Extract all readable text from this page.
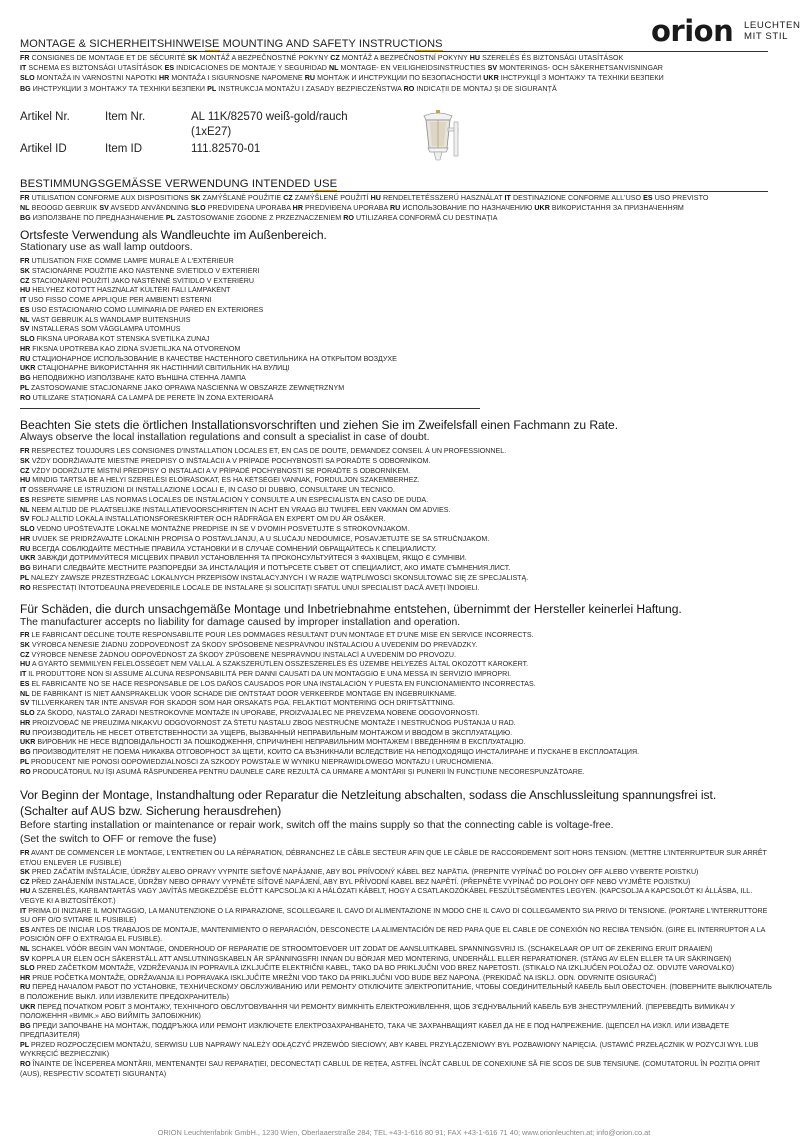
orion LEUCHTEN
MIT STIL
MONTAGE & SICHERHEITSHINWEISE MOUNTING AND SAFETY INSTRUCTIONS
FR CONSIGNES DE MONTAGE ET DE SÉCURITÉ SK MONTÁŽ A BEZPEČNOSTNÉ POKYNY CZ MONTÁŽ A BEZPEČNOSTNÍ POKYNY HU SZERELÉS ÉS BIZTONSÁGI UTASÍTÁSOK
IT SCHEMA ES BIZTONSÁGI UTASÍTÁSOK ES INDICACIONES DE MONTAJE Y SEGURIDAD NL MONTAGE- EN VEILIGHEIDSINSTRUCTIES SV MONTERINGS- OCH SÄKERHETSANVISNINGAR
SLO MONTAŽA IN VARNOSTNI NAPOTKI HR MONTAŽA I SIGURNOSNE NAPOMENE RU МОНТАЖ И ИНСТРУКЦИИ ПО БЕЗОПАСНОСТИ UKR ІНСТРУКЦІЇ З МОНТАЖУ ТА ТЕХНІКИ БЕЗПЕКИ
BG ИНСТРУКЦИИ З МОНТАЖУ ТА ТЕХНІКИ БЕЗПЕКИ PL INSTRUKCJA MONTAŻU I ZASADY BEZPIECZEŃSTWA RO INDICAȚII DE MONTAJ ȘI DE SIGURANȚĂ
Artikel Nr.	Item Nr.	AL 11K/82570 weiß-gold/rauch
(1xE27)
Artikel ID	Item ID	111.82570-01
BESTIMMUNGSGEMÄSSE VERWENDUNG INTENDED USE
FR UTILISATION CONFORME AUX DISPOSITIONS SK ZAMÝŠĽANÉ POUŽITIE CZ ZAMÝŠLENÉ POUŽITÍ HU RENDELTETÉSSZERŰ HASZNÁLAT IT DESTINAZIONE CONFORME ALL'USO ES USO PREVISTO
NL BEOOGD GEBRUIK SV AVSEDD ANVÄNDNING SLO PREDVIDENA UPORABA HR PREDVIĐENA UPORABA RU ИСПОЛЬЗОВАНИЕ ПО НАЗНАЧЕНИЮ UKR ВИКОРИСТАННЯ ЗА ПРИЗНАЧЕННЯМ
BG ИЗПОЛЗВАНЕ ПО ПРЕДНАЗНАЧЕНИЕ PL ZASTOSOWANIE ZGODNE Z PRZEZNACZENIEM RO UTILIZAREA CONFORMĂ CU DESTINAȚIA
Ortsfeste Verwendung als Wandleuchte im Außenbereich.
Stationary use as wall lamp outdoors.
FR UTILISATION FIXE COMME LAMPE MURALE À L'EXTÉRIEUR
SK STACIONÁRNE POUŽITIE AKO NÁSTENNÉ SVIETIDLO V EXTERIÉRI
CZ STACIONÁRNÍ POUŽITÍ JAKO NÁSTĚNNÉ SVÍTIDLO V EXTERIÉRU
HU HELYHEZ KÖTÖTT HASZNÁLAT KÜLTÉRI FALI LÁMPAKÉNT
IT USO FISSO COME APPLIQUE PER AMBIENTI ESTERNI
ES USO ESTACIONARIO COMO LUMINARIA DE PARED EN EXTERIORES
NL VAST GEBRUIK ALS WANDLAMP BUITENSHUIS
SV INSTALLERAS SOM VÄGGLAMPA UTOMHUS
SLO FIKSNA UPORABA KOT STENSKA SVETILKA ZUNAJ
HR FIKSNA UPOTREBA KAO ZIDNA SVJETILJKA NA OTVORENOM
RU СТАЦИОНАРНОЕ ИСПОЛЬЗОВАНИЕ В КАЧЕСТВЕ НАСТЕННОГО СВЕТИЛЬНИКА НА ОТКРЫТОМ ВОЗДУХЕ
UKR СТАЦІОНАРНЕ ВИКОРИСТАННЯ ЯК НАСТІННИЙ СВІТИЛЬНИК НА ВУЛИЦІ
BG НЕПОДВИЖНО ИЗПОЛЗВАНЕ КАТО ВЪНШНА СТЕННА ЛАМПА
PL ZASTOSOWANIE STACJONARNE JAKO OPRAWA NAŚCIENNA W OBSZARZE ZEWNĘTRZNYM
RO UTILIZARE STAȚIONARĂ CA LAMPĂ DE PERETE ÎN ZONA EXTERIOARĂ
Beachten Sie stets die örtlichen Installationsvorschriften und ziehen Sie im Zweifelsfall einen Fachmann zu Rate.
Always observe the local installation regulations and consult a specialist in case of doubt.
FR RESPECTEZ TOUJOURS LES CONSIGNES D'INSTALLATION LOCALES ET, EN CAS DE DOUTE, DEMANDEZ CONSEIL À UN PROFESSIONNEL.
SK VŽDY DODRŽIAVAJTE MIESTNE PREDPISY O INŠTALÁCII A V PRÍPADE POCHYBNOSTÍ SA PORAĎTE S ODBORNÍKOM.
CZ VŽDY DODRŽUJTE MÍSTNÍ PŘEDPISY O INSTALACI A V PŘÍPADĚ POCHYBNOSTÍ SE PORAĎTE S ODBORNÍKEM.
HU MINDIG TARTSA BE A HELYI SZERELÉSI ELŐÍRÁSOKAT, ÉS HA KÉTSÉGEI VANNAK, FORDULJON SZAKEMBERHEZ.
IT OSSERVARE LE ISTRUZIONI DI INSTALLAZIONE LOCALI E, IN CASO DI DUBBIO, CONSULTARE UN TECNICO.
ES RESPETE SIEMPRE LAS NORMAS LOCALES DE INSTALACIÓN Y CONSULTE A UN ESPECIALISTA EN CASO DE DUDA.
NL NEEM ALTIJD DE PLAATSELIJKE INSTALLATIEVOORSCHRIFTEN IN ACHT EN VRAAG BIJ TWIJFEL EEN VAKMAN OM ADVIES.
SV FÖLJ ALLTID LOKALA INSTALLATIONSFÖRESKRIFTER OCH RÅDFRÅGA EN EXPERT OM DU ÄR OSÄKER.
SLO VEDNO UPOŠTEVAJTE LOKALNE MONTAŽNE PREDPISE IN SE V DVOMIH POSVETUJTE S STROKOVNJAKOM.
HR UVIJEK SE PRIDRŽAVAJTE LOKALNIH PROPISA O POSTAVLJANJU, A U SLUČAJU NEDOUMICE, POSAVJETUJTE SE SA STRUČNJAKOM.
RU ВСЕГДА СОБЛЮДАЙТЕ МЕСТНЫЕ ПРАВИЛА УСТАНОВКИ И В СЛУЧАЕ СОМНЕНИЙ ОБРАЩАЙТЕСЬ К СПЕЦИАЛИСТУ.
UKR ЗАВЖДИ ДОТРИМУЙТЕСЯ МІСЦЕВИХ ПРАВИЛ УСТАНОВЛЕННЯ ТА ПРОКОНСУЛЬТУЙТЕСЯ З ФАХІВЦЕМ, ЯКЩО Є СУМНІВИ.
BG ВИНАГИ СЛЕДВАЙТЕ МЕСТНИТЕ РАЗПОРЕДБИ ЗА ИНСТАЛАЦИЯ И ПОТЪРСЕТЕ СЪВЕТ ОТ СПЕЦИАЛИСТ, АКО ИМАТЕ СЪМНЕНИЯ.ЛИСТ.
PL NALEŻY ZAWSZE PRZESTRZEGAĆ LOKALNYCH PRZEPISÓW INSTALACYJNYCH I W RAZIE WĄTPLIWOŚCI SKONSULTOWAĆ SIĘ ZE SPECJALISTĄ.
RO RESPECTAȚI ÎNTOTDEAUNA PREVEDERILE LOCALE DE INSTALARE ȘI SOLICITAȚI SFATUL UNUI SPECIALIST DACĂ AVEȚI ÎNDOIELI.
Für Schäden, die durch unsachgemäße Montage und Inbetriebnahme entstehen, übernimmt der Hersteller keinerlei Haftung.
The manufacturer accepts no liability for damage caused by improper installation and operation.
FR LE FABRICANT DÉCLINE TOUTE RESPONSABILITÉ POUR LES DOMMAGES RÉSULTANT D'UN MONTAGE ET D'UNE MISE EN SERVICE INCORRECTS.
SK VÝROBCA NENESIE ŽIADNU ZODPOVEDNOSŤ ZA ŠKODY SPÔSOBENÉ NESPRÁVNOU INŠTALÁCIOU A UVEDENÍM DO PREVÁDZKY.
CZ VÝROBCE NENESE ŽÁDNOU ODPOVĚDNOST ZA ŠKODY ZPŮSOBENÉ NESPRÁVNOU INSTALACÍ A UVEDENÍM DO PROVOZU.
HU A GYÁRTÓ SEMMILYEN FELELŐSSÉGET NEM VÁLLAL A SZAKSZERŰTLEN ÖSSZESZERELÉS ÉS ÜZEMBE HELYEZÉS ÁLTAL OKOZOTT KÁROKÉRT.
IT IL PRODUTTORE NON SI ASSUME ALCUNA RESPONSABILITÀ PER DANNI CAUSATI DA UN MONTAGGIO E UNA MESSA IN SERVIZIO IMPROPRI.
ES EL FABRICANTE NO SE HACE RESPONSABLE DE LOS DAÑOS CAUSADOS POR UNA INSTALACIÓN Y PUESTA EN FUNCIONAMIENTO INCORRECTAS.
NL DE FABRIKANT IS NIET AANSPRAKELIJK VOOR SCHADE DIE ONTSTAAT DOOR VERKEERDE MONTAGE EN INGEBRUIKNAME.
SV TILLVERKAREN TAR INTE ANSVAR FÖR SKADOR SOM HAR ORSAKATS PGA. FELAKTIGT MONTERING OCH DRIFTSÄTTNING.
SLO ZA ŠKODO, NASTALO ZARADI NESTROKOVNE MONTAŽE IN UPORABE, PROIZVAJALEC NE PREVZEMA NOBENE ODGOVORNOSTI.
HR PROIZVOĐAČ NE PREUZIMA NIKAKVU ODGOVORNOST ZA ŠTETU NASTALU ZBOG NESTRUČNE MONTAŽE I NESTRUČNOG PUŠTANJA U RAD.
RU ПРОИЗВОДИТЕЛЬ НЕ НЕСЕТ ОТВЕТСТВЕННОСТИ ЗА УЩЕРБ, ВЫЗВАННЫЙ НЕПРАВИЛЬНЫМ МОНТАЖОМ И ВВОДОМ В ЭКСПЛУАТАЦИЮ.
UKR ВИРОБНИК НЕ НЕСЕ ВІДПОВІДАЛЬНОСТІ ЗА ПОШКОДЖЕННЯ, СПРИЧИНЕНІ НЕПРАВИЛЬНИМ МОНТАЖЕМ І ВВЕДЕННЯМ В ЕКСПЛУАТАЦІЮ.
BG ПРОИЗВОДИТЕЛЯТ НЕ ПОЕМА НИКАКВА ОТГОВОРНОСТ ЗА ЩЕТИ, КОИТО СА ВЪЗНИКНАЛИ ВСЛЕДСТВИЕ НА НЕПОДХОДЯЩО ИНСТАЛИРАНЕ И ПУСКАНЕ В ЕКСПЛОАТАЦИЯ.
PL PRODUCENT NIE PONOSI ODPOWIEDZIALNOŚCI ZA SZKODY POWSTAŁE W WYNIKU NIEPRAWIDŁOWEGO MONTAŻU I URUCHOMIENIA.
RO PRODUCĂTORUL NU ÎȘI ASUMĂ RĂSPUNDEREA PENTRU DAUNELE CARE REZULTĂ CA URMARE A MONTĂRII ȘI PUNERII ÎN FUNCȚIUNE NECORESPUNZĂTOARE.
Vor Beginn der Montage, Instandhaltung oder Reparatur die Netzleitung abschalten, sodass die Anschlussleitung spannungsfrei ist.
(Schalter auf AUS bzw. Sicherung herausdrehen)
Before starting installation or maintenance or repair work, switch off the mains supply so that the connecting cable is voltage-free.
(Set the switch to OFF or remove the fuse)
FR AVANT DE COMMENCER LE MONTAGE, L'ENTRETIEN OU LA RÉPARATION, DÉBRANCHEZ LE CÂBLE SECTEUR AFIN QUE LE CÂBLE DE RACCORDEMENT SOIT HORS TENSION. (METTRE L'INTERRUPTEUR SUR ARRÊT ET/OU ENLEVER LE FUSIBLE)
SK PRED ZAČATÍM INŠTALÁCIE, ÚDRŽBY ALEBO OPRAVY VYPNITE SIEŤOVÉ NAPÁJANIE, ABY BOL PRÍVODNÝ KÁBEL BEZ NAPÄTIA. (PREPNITE VYPÍNAČ DO POLOHY OFF ALEBO VYBERTE POISTKU)
CZ PŘED ZAHÁJENÍM INSTALACE, ÚDRŽBY NEBO OPRAVY VYPNĚTE SÍŤOVÉ NAPÁJENÍ, ABY BYL PŘÍVODNÍ KABEL BEZ NAPĚTÍ. (PŘEPNĚTE VYPÍNAČ DO POLOHY OFF NEBO VYJMĚTE POJISTKU)
HU A SZERELÉS, KARBANTARTÁS VAGY JAVÍTÁS MEGKEZDÉSE ELŐTT KAPCSOLJA KI A HÁLÓZATI KÁBELT, HOGY A CSATLAKOZÓKÁBEL FESZÜLTSÉGMENTES LEGYEN. (KAPCSOLJA A KAPCSOLÓT KI ÁLLÁSBA, ILL. VEGYE KI A BIZTOSÍTÉKOT.)
IT PRIMA DI INIZIARE IL MONTAGGIO, LA MANUTENZIONE O LA RIPARAZIONE, SCOLLEGARE IL CAVO DI ALIMENTAZIONE IN MODO CHE IL CAVO DI COLLEGAMENTO SIA PRIVO DI TENSIONE. (PORTARE L'INTERRUTTORE SU OFF O/O SVITARE IL FUSIBILE)
ES ANTES DE INICIAR LOS TRABAJOS DE MONTAJE, MANTENIMIENTO O REPARACIÓN, DESCONECTE LA ALIMENTACIÓN DE RED PARA QUE EL CABLE DE CONEXIÓN NO RECIBA TENSIÓN. (GIRE EL INTERRUPTOR A LA POSICIÓN OFF O EXTRAIGA EL FUSIBLE).
NL SCHAKEL VÓÓR BEGIN VAN MONTAGE, ONDERHOUD OF REPARATIE DE STROOMTOEVOER UIT ZODAT DE AANSLUITKABEL SPANNINGSVRIJ IS. (SCHAKELAAR OP UIT OF ZEKERING ERUIT DRAAIEN)
SV KOPPLA UR ELEN OCH SÄKERSTÄLL ATT ANSLUTNINGSKABELN ÄR SPÄNNINGSFRI INNAN DU BÖRJAR MED MONTERING, UNDERHÅLL ELLER REPARATIONER. (STÄNG AV ELEN ELLER TA UR SÄKRINGEN)
SLO PRED ZAČETKOM MONTAŽE, VZDRŽEVANJA IN POPRAVILA IZKLJUČITE ELEKTRIČNI KABEL, TAKO DA BO PRIKLJUČNI VOD BREZ NAPETOSTI. (STIKALO NA IZKLJUČEN POLOŽAJ OZ. ODVIJTE VAROVALKO)
HR PRIJE POČETKA MONTAŽE, ODRŽAVANJA ILI POPRAVAKA ISKLJUČITE MREŽNI VOD TAKO DA PRIKLJUČNI VOD BUDE BEZ NAPONA. (PREKIDAČ NA ISKLJ. ODN. ODVRNITE OSIGURAČ)
RU ПЕРЕД НАЧАЛОМ РАБОТ ПО УСТАНОВКЕ, ТЕХНИЧЕСКОМУ ОБСЛУЖИВАНИЮ ИЛИ РЕМОНТУ ОТКЛЮЧИТЕ ЭЛЕКТРОПИТАНИЕ, ЧТОБЫ СОЕДИНИТЕЛЬНЫЙ КАБЕЛЬ БЫЛ ОБЕСТОЧЕН. (ПОВЕРНИТЕ ВЫКЛЮЧАТЕЛЬ В ПОЛОЖЕНИЕ ВЫКЛ. ИЛИ ИЗВЛЕКИТЕ ПРЕДОХРАНИТЕЛЬ)
UKR ПЕРЕД ПОЧАТКОМ РОБІТ З МОНТАЖУ, ТЕХНІЧНОГО ОБСЛУГОВУВАННЯ ЧИ РЕМОНТУ ВИМКНІТЬ ЕЛЕКТРОЖИВЛЕННЯ, ЩОБ З'ЄДНУВАЛЬНИЙ КАБЕЛЬ БУВ ЗНЕСТРУМЛЕНИЙ. (ПЕРЕВЕДІТЬ ВИМИКАЧ У ПОЛОЖЕННЯ «ВИМК.» АБО ВИЙМІТЬ ЗАПОБІЖНИК)
BG ПРЕДИ ЗАПОЧВАНЕ НА МОНТАЖ, ПОДДРЪЖКА ИЛИ РЕМОНТ ИЗКЛЮЧЕТЕ ЕЛЕКТРОЗАХРАНВАНЕТО, ТАКА ЧЕ ЗАХРАНВАЩИЯТ КАБЕЛ ДА НЕ Е ПОД НАПРЕЖЕНИЕ. (ЩЕПСЕЛ НА ИЗКЛ. ИЛИ ИЗВАДЕТЕ ПРЕДПАЗИТЕЛЯ)
PL PRZED ROZPOCZĘCIEM MONTAŻU, SERWISU LUB NAPRAWY NALEŻY ODŁĄCZYĆ PRZEWÓD SIECIOWY, ABY KABEL PRZYŁĄCZENIOWY BYŁ POZBAWIONY NAPIĘCIA. (USTAWIĆ PRZEŁĄCZNIK W POZYCJI WYŁ LUB WYKRĘCIĆ BEZPIECZNIK)
RO ÎNAINTE DE ÎNCEPEREA MONTĂRII, MENTENANȚEI SAU REPARAȚIEI, DECONECTAȚI CABLUL DE REȚEA, ASTFEL ÎNCÂT CABLUL DE CONEXIUNE SĂ FIE SCOS DE SUB TENSIUNE. (COMUTATORUL ÎN POZIȚIA OPRIT (AUS), RESPECTIV SCOATEȚI SIGURANȚA)
ORION Leuchtenfabrik GmbH., 1230 Wien, Oberlaaerstraße 284; TEL +43-1-616 80 91; FAX +43-1-616 71 40; www.orionleuchten.at; info@orion.co.at
